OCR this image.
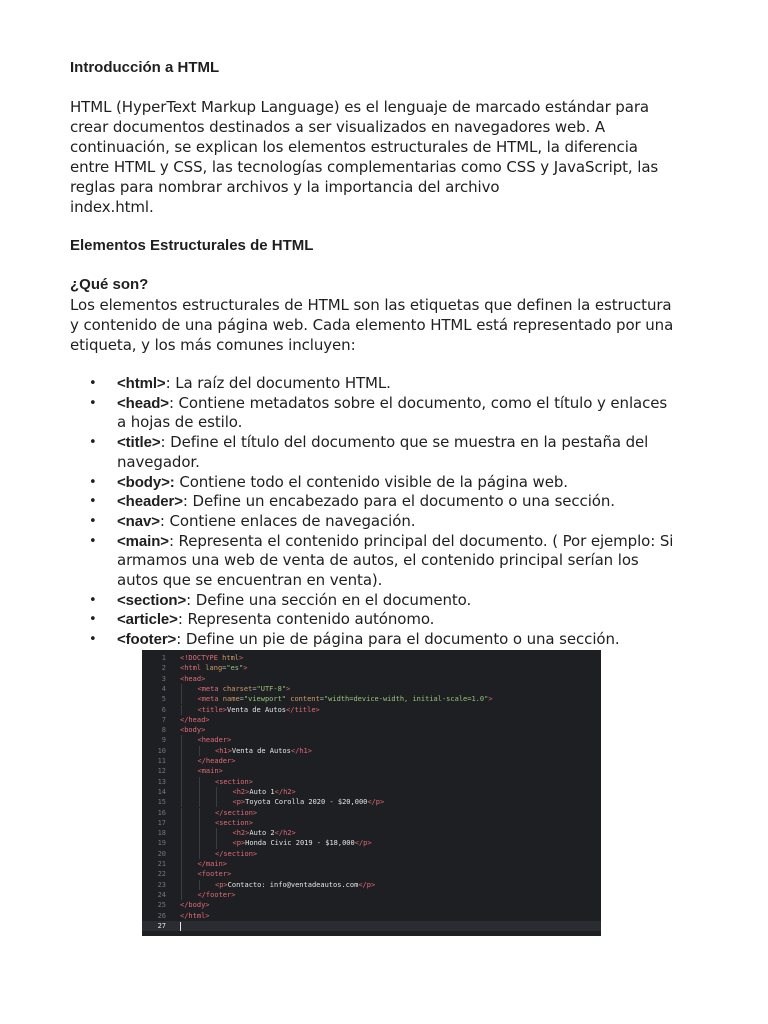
Introducción a HTML

HTML (HyperText Markup Language) es el lenguaje de marcado estándar para
crear documentos destinados a ser visualizados en navegadores web. A
continuación, se explican los elementos estructurales de HTML, la diferencia
entre HTML y CSS, las tecnologías complementarias como CSS y JavaScript, las
reglas para nombrar archivos y la importancia del archivo
index.html.

Elementos Estructurales de HTML

¿Qué son?

Los elementos estructurales de HTML son las etiquetas que definen la estructura
y contenido de una página web. Cada elemento HTML está representado por una
etiqueta, y los más comunes incluyen:

• <html>: La raíz del documento HTML.
• <head>: Contiene metadatos sobre el documento, como el título y enlaces
a hojas de estilo.
• <title>: Define el título del documento que se muestra en la pestaña del
navegador.
• <body>: Contiene todo el contenido visible de la página web.
• <header>: Define un encabezado para el documento o una sección.
• <nav>: Contiene enlaces de navegación.
• <main>: Representa el contenido principal del documento. ( Por ejemplo: Si
armamos una web de venta de autos, el contenido principal serían los
autos que se encuentran en venta).
• <section>: Define una sección en el documento.
• <article>: Representa contenido autónomo.
• <footer>: Define un pie de página para el documento o una sección.
1 <!DOCTYPE html>
2 <html lang="es">
3 <head>
4	<meta charset="UTF-8">
5	<meta name="viewport" content="width=device-width, initial-scale=1.0">
6	<title>Venta de Autos</title>
7 </head>
8 <body>
9	<header>
10	<h1>Venta de Autos</h1>
11	</header>
12	<main>
13	<section>
14	<h2>Auto 1</h2>
15	<p>Toyota Corolla 2020 - $20,000</p>
16	</section>
17	<section>
18	<h2>Auto 2</h2>
19	<p>Honda Civic 2019 - $18,000</p>
20	</section>
21	</main>
22	<footer>
23	<p>Contacto: info@ventadeautos.com</p>
24	</footer>
25 </body>
26 </html>
27
